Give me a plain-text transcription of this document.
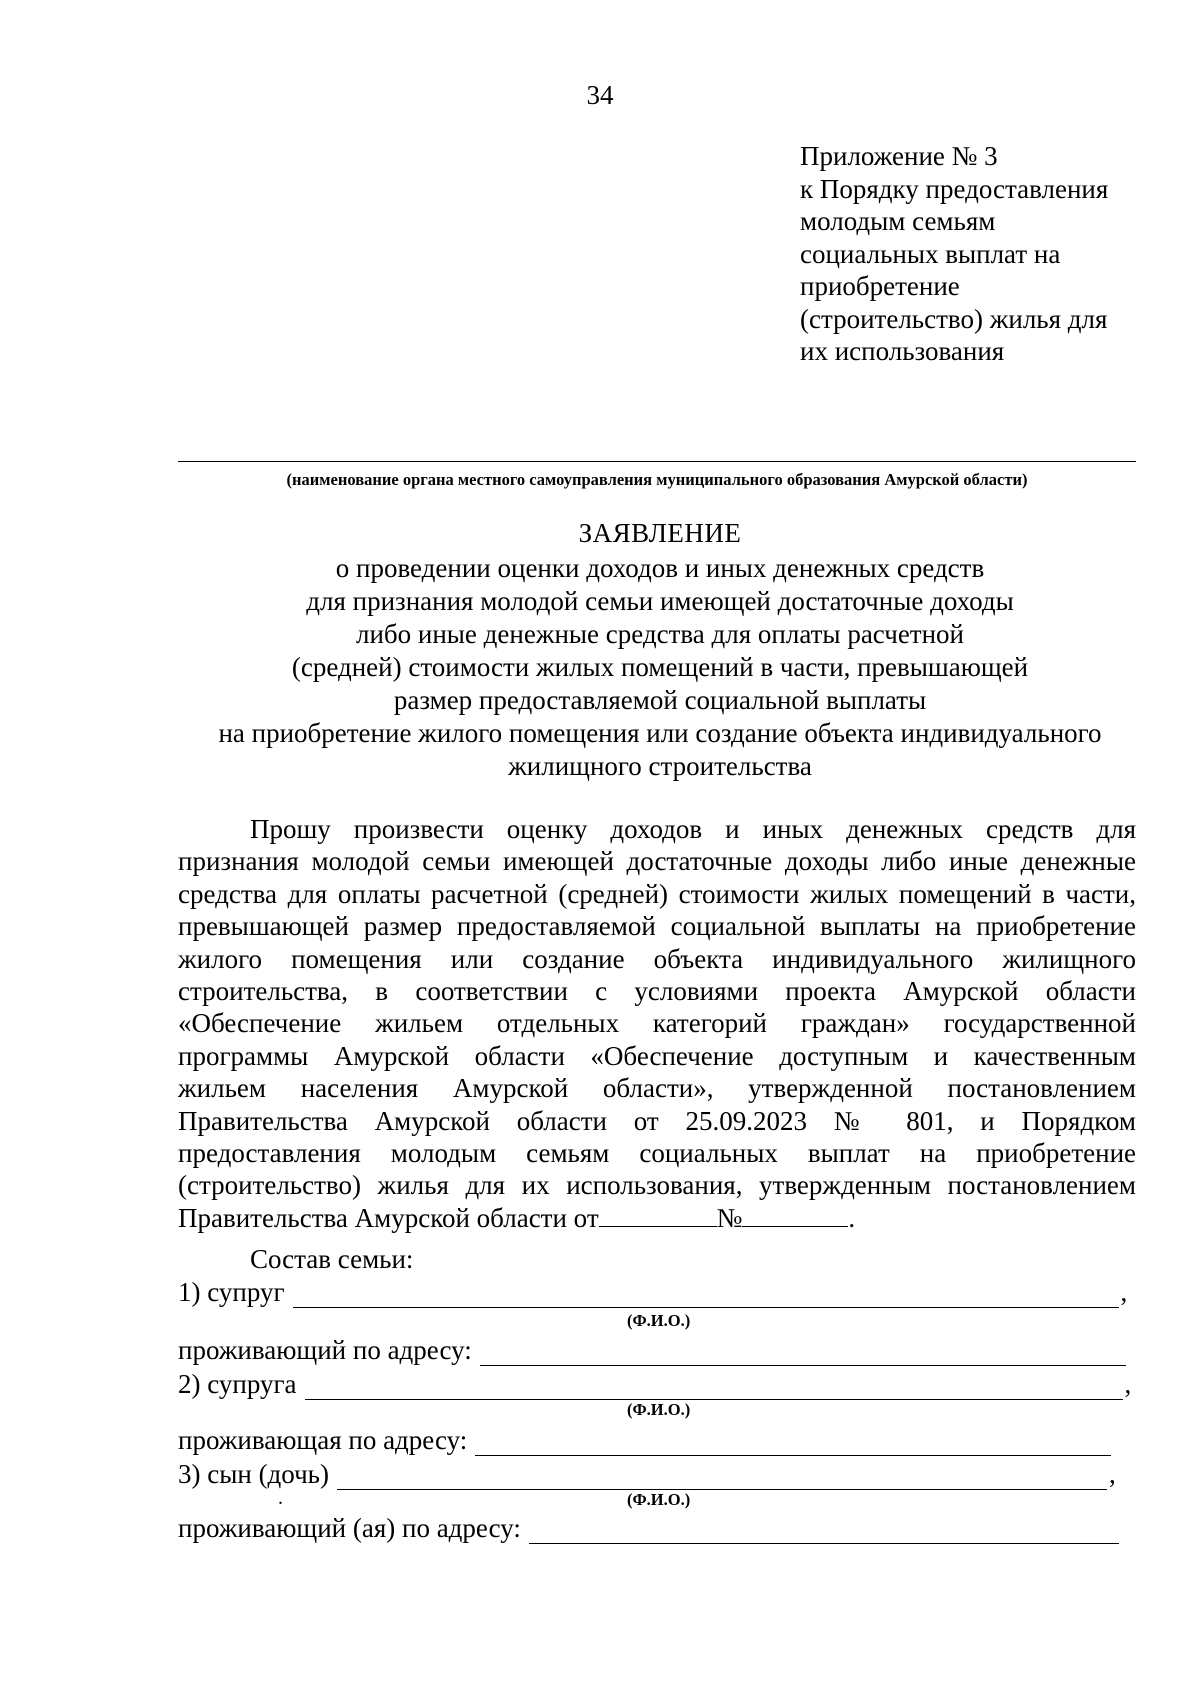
34
Приложение № 3
к Порядку предоставления
молодым семьям
социальных выплат на
приобретение
(строительство) жилья для
их использования
(наименование органа местного самоуправления муниципального образования Амурской области)
ЗАЯВЛЕНИЕ
о проведении оценки доходов и иных денежных средств
для признания молодой семьи имеющей достаточные доходы
либо иные денежные средства для оплаты расчетной
(средней) стоимости жилых помещений в части, превышающей
размер предоставляемой социальной выплаты
на приобретение жилого помещения или создание объекта индивидуального
жилищного строительства
Прошу произвести оценку доходов и иных денежных средств для
признания молодой семьи имеющей достаточные доходы либо иные денежные
средства для оплаты расчетной (средней) стоимости жилых помещений в части,
превышающей размер предоставляемой социальной выплаты на приобретение
жилого помещения или создание объекта индивидуального жилищного
строительства, в соответствии с условиями проекта Амурской области
«Обеспечение жильем отдельных категорий граждан» государственной
программы Амурской области «Обеспечение доступным и качественным
жильем населения Амурской области», утвержденной постановлением
Правительства Амурской области от 25.09.2023 № 801, и Порядком
предоставления молодым семьям социальных выплат на приобретение
(строительство) жилья для их использования, утвержденным постановлением
Правительства Амурской области от	№	.
Состав семьи:
1) супруг	,
(Ф.И.О.)
проживающий по адресу:
2) супруга	,
(Ф.И.О.)
проживающая по адресу:
3) сын (дочь)	,
.	(Ф.И.О.)
проживающий (ая) по адресу:
